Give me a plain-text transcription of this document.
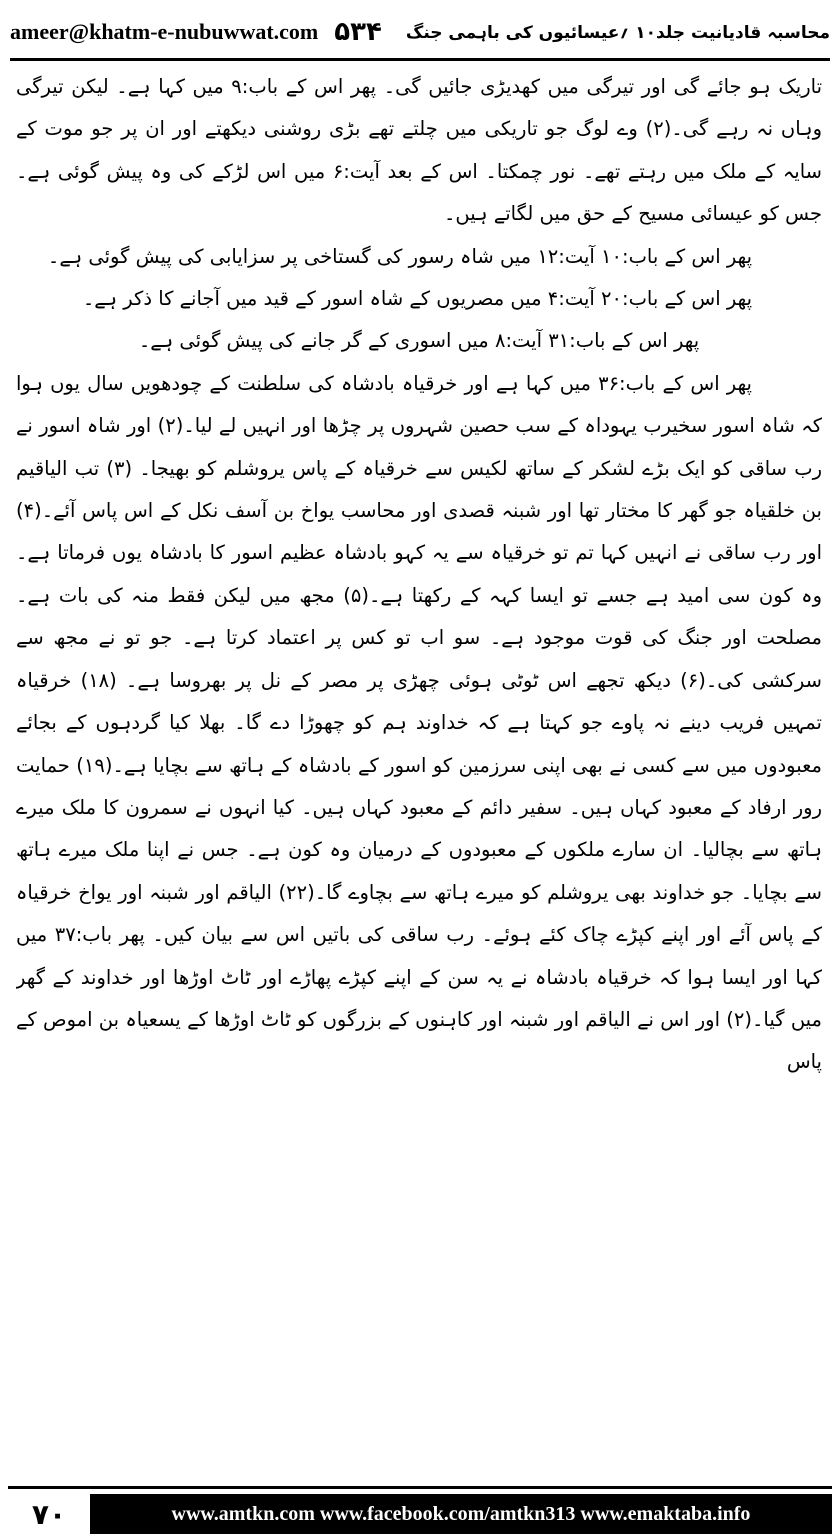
ameer@khatm-e-nubuwwat.com ۵۳۴	محاسبہ قادیانیت جلد۱۰ ؍عیسائیوں کی باہمی جنگ

تاریک ہو جائے گی اور تیرگی میں کھدیڑی جائیں گی۔ پھر اس کے باب:۹ میں کہا ہے۔ لیکن تیرگی وہاں نہ رہے گی۔(۲) وے لوگ جو تاریکی میں چلتے تھے بڑی روشنی دیکھتے اور ان پر جو موت کے سایہ کے ملک میں رہتے تھے۔ نور چمکتا۔ اس کے بعد آیت:۶ میں اس لڑکے کی وہ پیش گوئی ہے۔ جس کو عیسائی مسیح کے حق میں لگاتے ہیں۔

پھر اس کے باب:۱۰ آیت:۱۲ میں شاہ رسور کی گستاخی پر سزایابی کی پیش گوئی ہے۔

پھر اس کے باب:۲۰ آیت:۴ میں مصریوں کے شاہ اسور کے قید میں آجانے کا ذکر ہے۔

پھر اس کے باب:۳۱ آیت:۸ میں اسوری کے گر جانے کی پیش گوئی ہے۔

پھر اس کے باب:۳۶ میں کہا ہے اور خرقیاہ بادشاہ کی سلطنت کے چودھویں سال یوں ہوا کہ شاہ اسور سخیرب یہوداہ کے سب حصین شہروں پر چڑھا اور انہیں لے لیا۔(۲) اور شاہ اسور نے رب ساقی کو ایک بڑے لشکر کے ساتھ لکیس سے خرقیاہ کے پاس یروشلم کو بھیجا۔ (۳) تب الیاقیم بن خلقیاہ جو گھر کا مختار تھا اور شبنہ قصدی اور محاسب یواخ بن آسف نکل کے اس پاس آئے۔(۴) اور رب ساقی نے انہیں کہا تم تو خرقیاہ سے یہ کہو بادشاہ عظیم اسور کا بادشاہ یوں فرماتا ہے۔ وہ کون سی امید ہے جسے تو ایسا کہہ کے رکھتا ہے۔(۵) مجھ میں لیکن فقط منہ کی بات ہے۔ مصلحت اور جنگ کی قوت موجود ہے۔ سو اب تو کس پر اعتماد کرتا ہے۔ جو تو نے مجھ سے سرکشی کی۔(۶) دیکھ تجھے اس ٹوٹی ہوئی چھڑی پر مصر کے نل پر بھروسا ہے۔ (۱۸) خرقیاہ تمہیں فریب دینے نہ پاوے جو کہتا ہے کہ خداوند ہم کو چھوڑا دے گا۔ بھلا کیا گردہوں کے بجائے معبودوں میں سے کسی نے بھی اپنی سرزمین کو اسور کے بادشاہ کے ہاتھ سے بچایا ہے۔(۱۹) حمایت رور ارفاد کے معبود کہاں ہیں۔ سفیر دائم کے معبود کہاں ہیں۔ کیا انہوں نے سمرون کا ملک میرے ہاتھ سے بچالیا۔ ان سارے ملکوں کے معبودوں کے درمیان وہ کون ہے۔ جس نے اپنا ملک میرے ہاتھ سے بچایا۔ جو خداوند بھی یروشلم کو میرے ہاتھ سے بچاوے گا۔(۲۲) الیاقم اور شبنہ اور یواخ خرقیاہ کے پاس آئے اور اپنے کپڑے چاک کئے ہوئے۔ رب ساقی کی باتیں اس سے بیان کیں۔ پھر باب:۳۷ میں کہا اور ایسا ہوا کہ خرقیاہ بادشاہ نے یہ سن کے اپنے کپڑے پھاڑے اور ٹاٹ اوڑھا اور خداوند کے گھر میں گیا۔(۲) اور اس نے الیاقم اور شبنہ اور کاہنوں کے بزرگوں کو ٹاٹ اوڑھا کے یسعیاہ بن اموص کے پاس

۷۰	www.amtkn.com www.facebook.com/amtkn313 www.emaktaba.info
